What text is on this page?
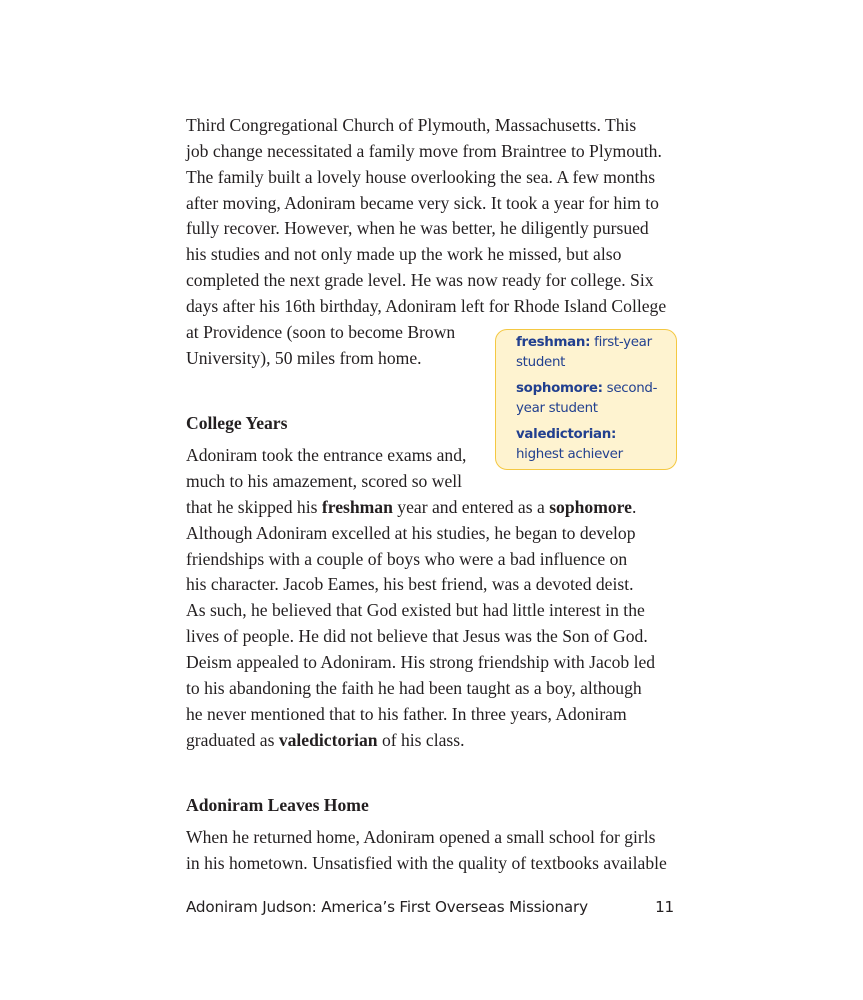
Third Congregational Church of Plymouth, Massachusetts. This
job change necessitated a family move from Braintree to Plymouth.
The family built a lovely house overlooking the sea. A few months
after moving, Adoniram became very sick. It took a year for him to
fully recover. However, when he was better, he diligently pursued
his studies and not only made up the work he missed, but also
completed the next grade level. He was now ready for college. Six
days after his 16th birthday, Adoniram left for Rhode Island College
at Providence (soon to become Brown
University), 50 miles from home.
College Years
Adoniram took the entrance exams and,
much to his amazement, scored so well
that he skipped his freshman year and entered as a sophomore.
Although Adoniram excelled at his studies, he began to develop
friendships with a couple of boys who were a bad influence on
his character. Jacob Eames, his best friend, was a devoted deist.
As such, he believed that God existed but had little interest in the
lives of people. He did not believe that Jesus was the Son of God.
Deism appealed to Adoniram. His strong friendship with Jacob led
to his abandoning the faith he had been taught as a boy, although
he never mentioned that to his father. In three years, Adoniram
graduated as valedictorian of his class.
Adoniram Leaves Home
When he returned home, Adoniram opened a small school for girls
in his hometown. Unsatisfied with the quality of textbooks available
freshman: first-year student
sophomore: second-year student
valedictorian:
highest achiever
Adoniram Judson: America’s First Overseas Missionary	11
